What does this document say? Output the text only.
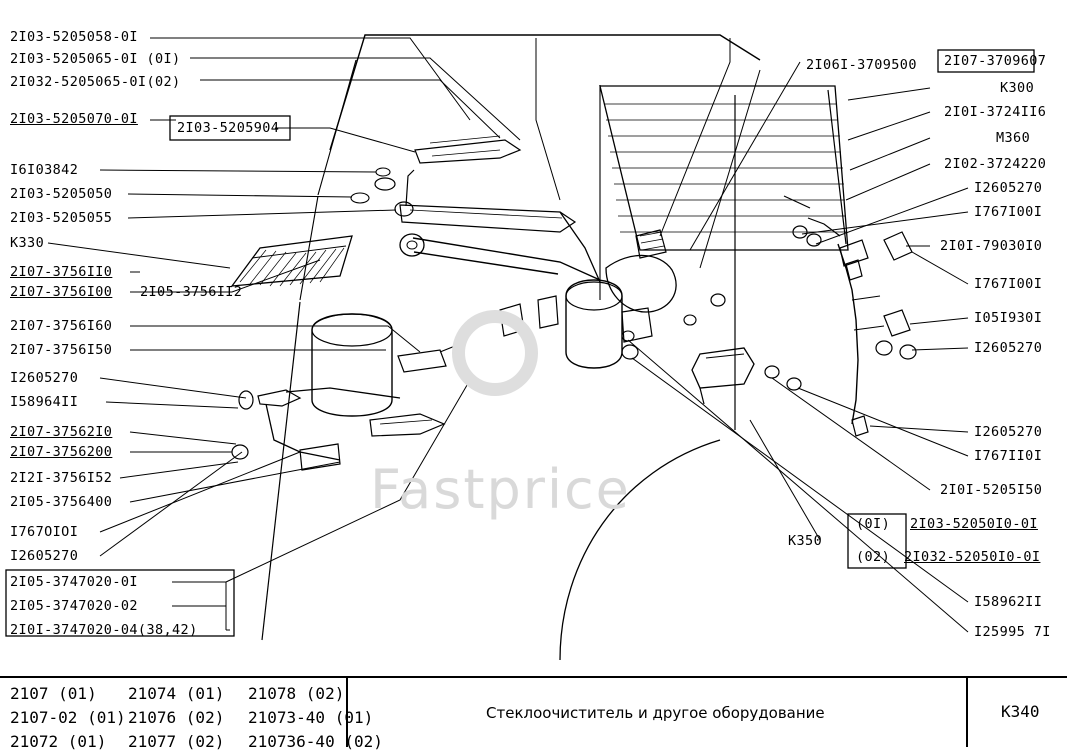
Fastprice
2I03-5205058-0I
2I03-5205065-0I (0I)
2I032-5205065-0I(02)
2I03-5205070-0I
I6I03842
2I03-5205050
2I03-5205055
K330
2I07-3756II0
2I07-3756I00
2I07-3756I60
2I07-3756I50
I2605270
I58964II
2I07-37562I0
2I07-3756200
2I2I-3756I52
2I05-3756400
I767OIOI
I2605270
2I05-3747020-0I
2I05-3747020-02
2I0I-3747020-04(38,42)
2I03-5205904
2I05-3756II2
2I06I-3709500 2I07-3709607
K300
2I0I-3724II6
M360
2I02-3724220
I2605270
I767I00I
2I0I-79030I0
I767I00I
I05I930I
I2605270
I2605270
I767II0I
2I0I-5205I50
I58962II
I25995 7I
K350
(0I) 2I03-52050I0-0I
(02) 2I032-52050I0-0I
2107 (01)
2107-02 (01)
21072 (01)
21074 (01)
21076 (02)
21077 (02)
21078 (02)
21073-40 (01)
210736-40 (02)
Стеклоочиститель и другое оборудование	K340
